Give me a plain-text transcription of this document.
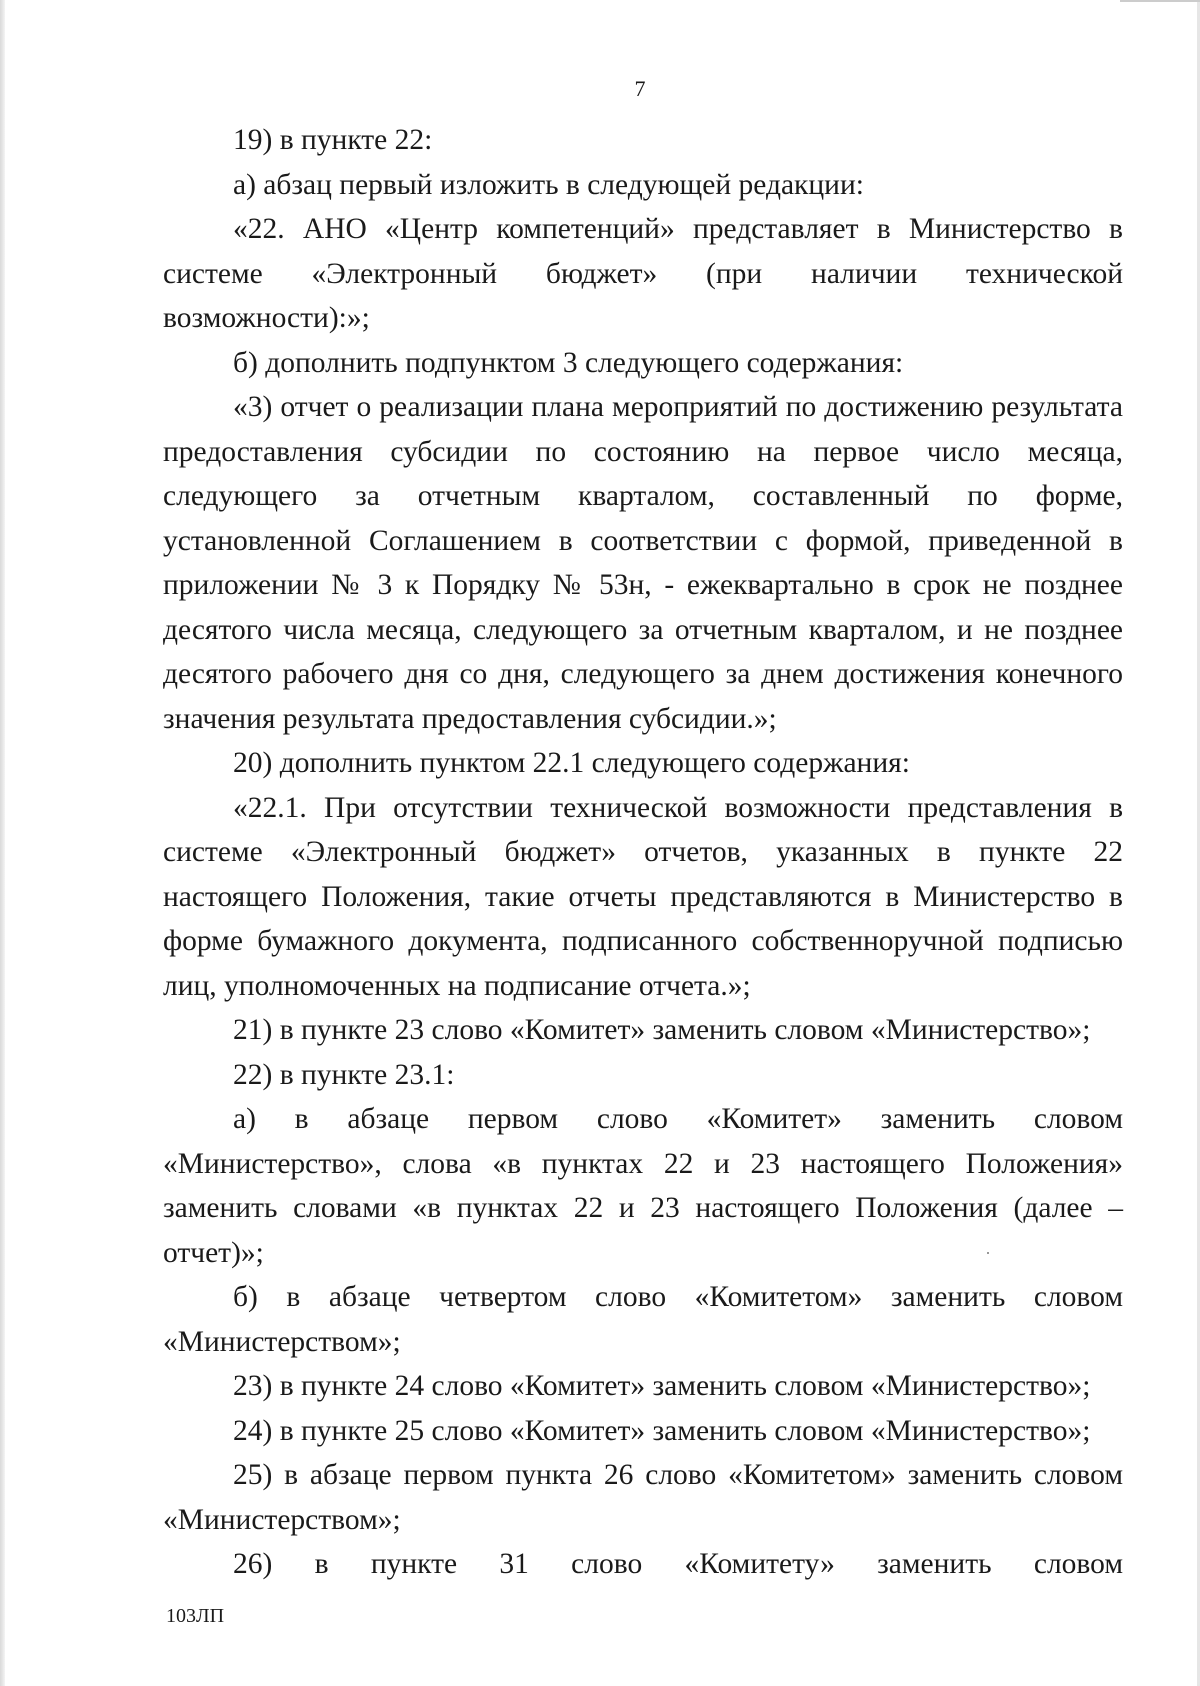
7

19) в пункте 22:

а) абзац первый изложить в следующей редакции:

«22. АНО «Центр компетенций» представляет в Министерство в системе «Электронный бюджет» (при наличии технической возможности):»;

б) дополнить подпунктом 3 следующего содержания:

«3) отчет о реализации плана мероприятий по достижению результата предоставления субсидии по состоянию на первое число месяца, следующего за отчетным кварталом, составленный по форме, установленной Соглашением в соответствии с формой, приведенной в приложении № 3 к Порядку № 53н, - ежеквартально в срок не позднее десятого числа месяца, следующего за отчетным кварталом, и не позднее десятого рабочего дня со дня, следующего за днем достижения конечного значения результата предоставления субсидии.»;

20) дополнить пунктом 22.1 следующего содержания:

«22.1. При отсутствии технической возможности представления в системе «Электронный бюджет» отчетов, указанных в пункте 22 настоящего Положения, такие отчеты представляются в Министерство в форме бумажного документа, подписанного собственноручной подписью лиц, уполномоченных на подписание отчета.»;

21) в пункте 23 слово «Комитет» заменить словом «Министерство»;

22) в пункте 23.1:

а) в абзаце первом слово «Комитет» заменить словом «Министерство», слова «в пунктах 22 и 23 настоящего Положения» заменить словами «в пунктах 22 и 23 настоящего Положения (далее – отчет)»;

б) в абзаце четвертом слово «Комитетом» заменить словом «Министерством»;

23) в пункте 24 слово «Комитет» заменить словом «Министерство»;

24) в пункте 25 слово «Комитет» заменить словом «Министерство»;

25) в абзаце первом пункта 26 слово «Комитетом» заменить словом «Министерством»;

26) в пункте 31 слово «Комитету» заменить словом

103ЛП
